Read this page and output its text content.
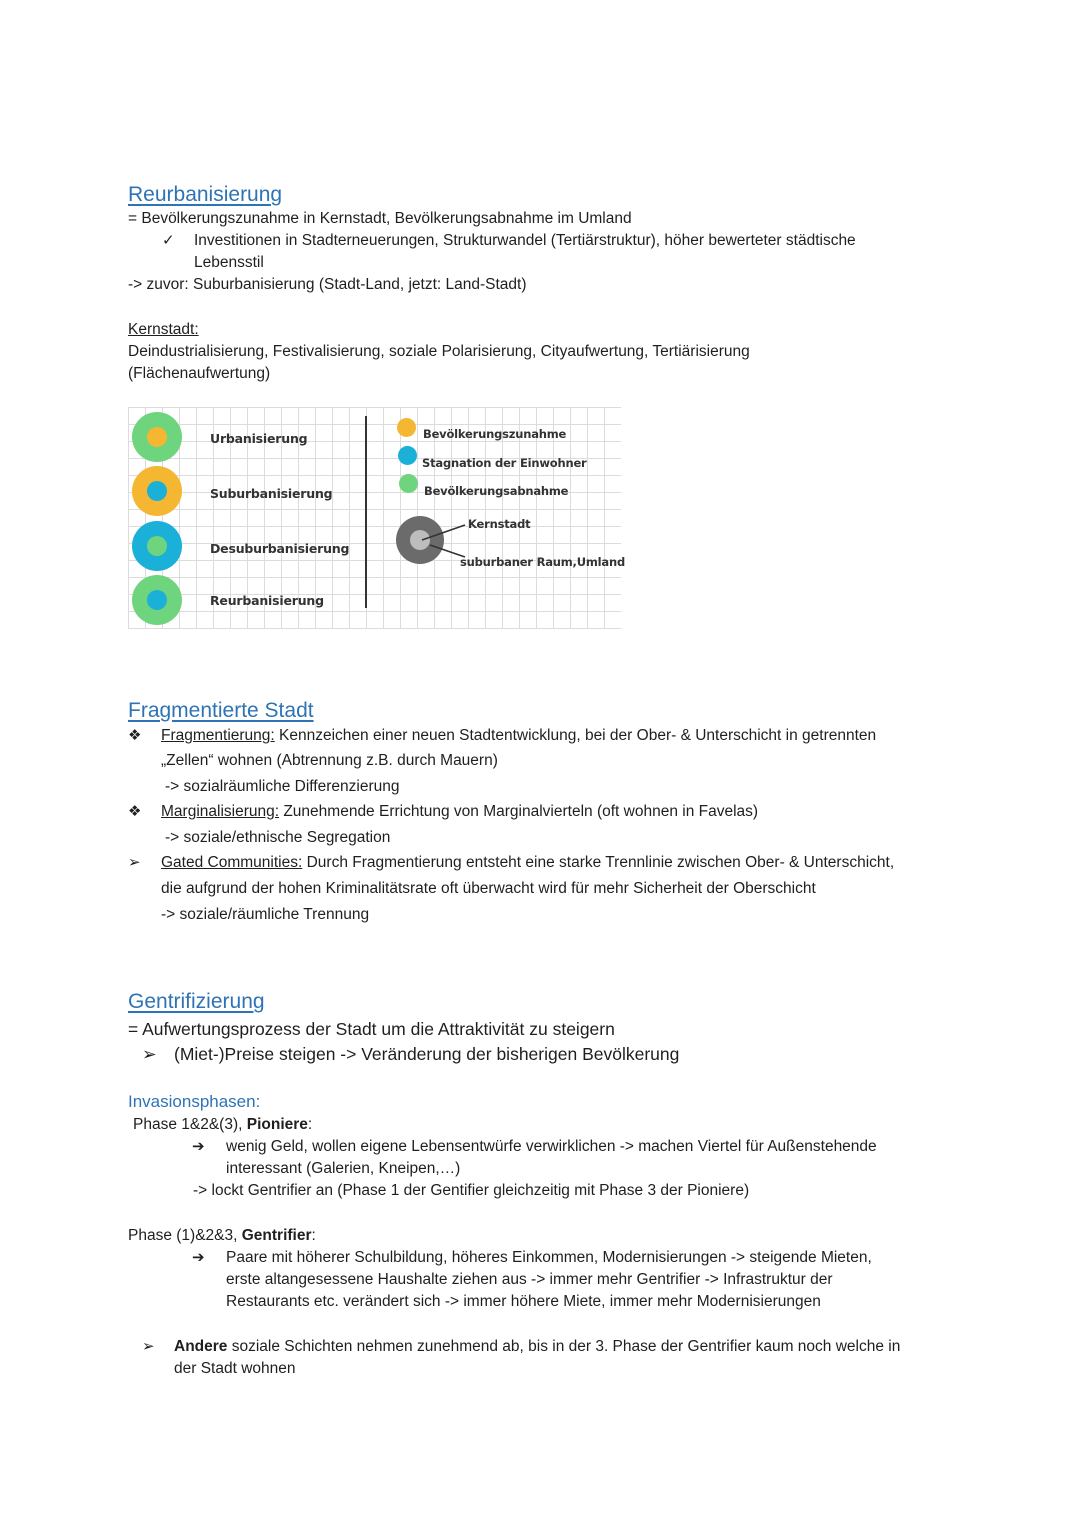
Reurbanisierung
= Bevölkerungszunahme in Kernstadt, Bevölkerungsabnahme im Umland
✓ Investitionen in Stadterneuerungen, Strukturwandel (Tertiärstruktur), höher bewerteter städtische
Lebensstil
-> zuvor: Suburbanisierung (Stadt-Land, jetzt: Land-Stadt)
Kernstadt:
Deindustrialisierung, Festivalisierung, soziale Polarisierung, Cityaufwertung, Tertiärisierung
(Flächenaufwertung)
Urbanisierung
Suburbanisierung
Desuburbanisierung
Reurbanisierung
Bevölkerungszunahme
Stagnation der Einwohner
Bevölkerungsabnahme
Kernstadt
suburbaner Raum,Umland
Fragmentierte Stadt
❖ Fragmentierung: Kennzeichen einer neuen Stadtentwicklung, bei der Ober- & Unterschicht in getrennten
„Zellen“ wohnen (Abtrennung z.B. durch Mauern)
-> sozialräumliche Differenzierung
❖ Marginalisierung: Zunehmende Errichtung von Marginalvierteln (oft wohnen in Favelas)
-> soziale/ethnische Segregation
➢ Gated Communities: Durch Fragmentierung entsteht eine starke Trennlinie zwischen Ober- & Unterschicht,
die aufgrund der hohen Kriminalitätsrate oft überwacht wird für mehr Sicherheit der Oberschicht
-> soziale/räumliche Trennung
Gentrifizierung
= Aufwertungsprozess der Stadt um die Attraktivität zu steigern
➢ (Miet-)Preise steigen -> Veränderung der bisherigen Bevölkerung
Invasionsphasen:
Phase 1&2&(3), Pioniere:
➔ wenig Geld, wollen eigene Lebensentwürfe verwirklichen -> machen Viertel für Außenstehende
interessant (Galerien, Kneipen,…)
-> lockt Gentrifier an (Phase 1 der Gentifier gleichzeitig mit Phase 3 der Pioniere)
Phase (1)&2&3, Gentrifier:
➔ Paare mit höherer Schulbildung, höheres Einkommen, Modernisierungen -> steigende Mieten,
erste altangesessene Haushalte ziehen aus -> immer mehr Gentrifier -> Infrastruktur der
Restaurants etc. verändert sich -> immer höhere Miete, immer mehr Modernisierungen
➢ Andere soziale Schichten nehmen zunehmend ab, bis in der 3. Phase der Gentrifier kaum noch welche in
der Stadt wohnen
